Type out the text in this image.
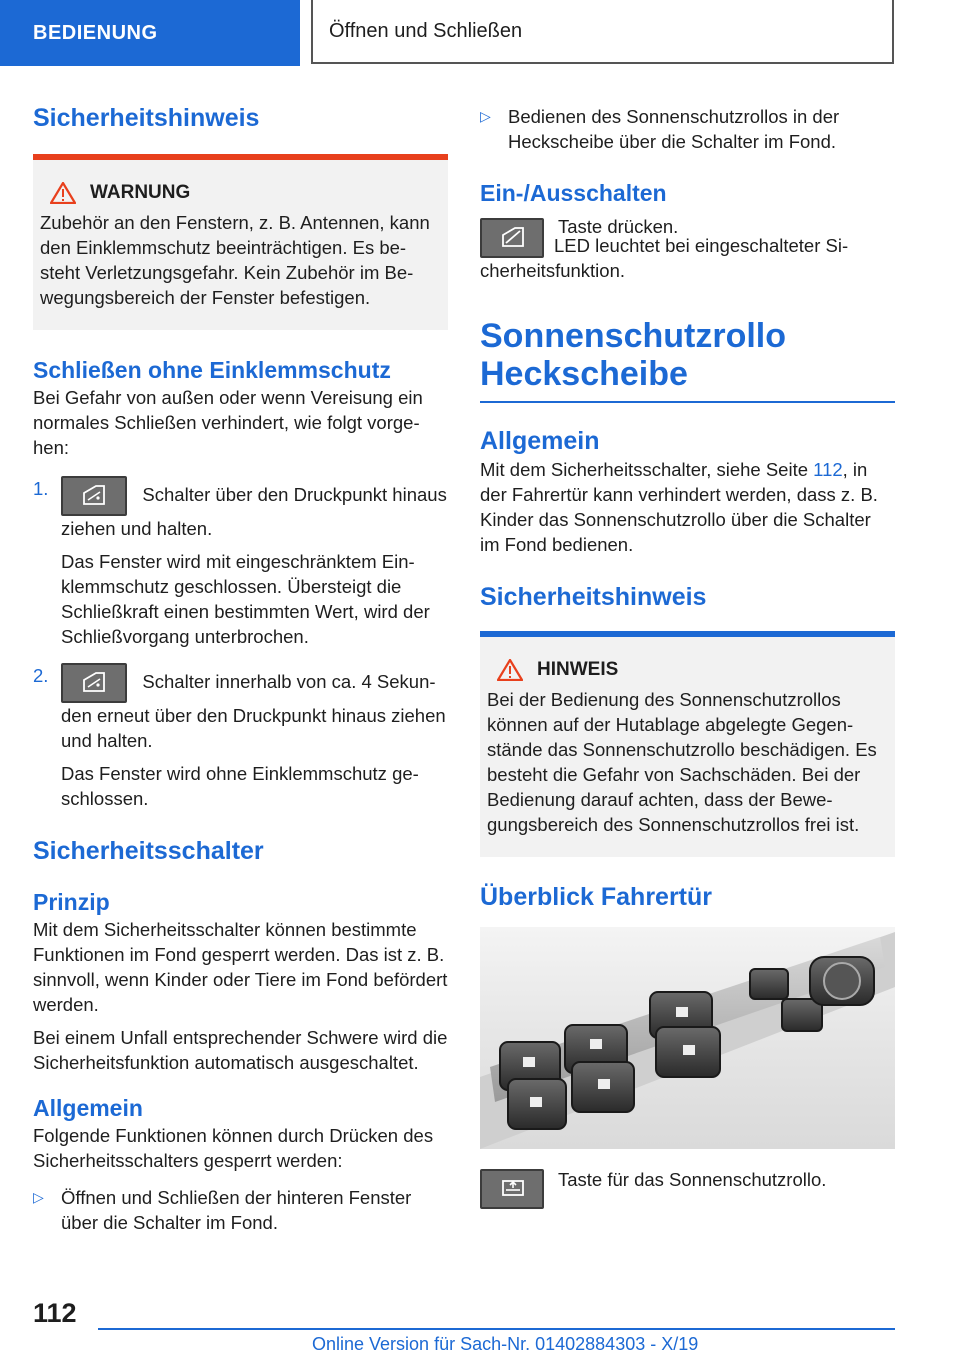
BEDIENUNG	Öffnen und Schließen
Sicherheitshinweis
WARNUNG

Zubehör an den Fenstern, z. B. Antennen, kann den Einklemmschutz beeinträchtigen. Es besteht Verletzungsgefahr. Kein Zubehör im Bewegungsbereich der Fenster befestigen.

Schließen ohne Einklemmschutz

Bei Gefahr von außen oder wenn Vereisung ein normales Schließen verhindert, wie folgt vorgehen:

1.	Schalter über den Druckpunkt hinaus ziehen und halten.

Das Fenster wird mit eingeschränktem Einklemmschutz geschlossen. Übersteigt die Schließkraft einen bestimmten Wert, wird der Schließvorgang unterbrochen.

2.	Schalter innerhalb von ca. 4 Sekunden erneut über den Druckpunkt hinaus ziehen und halten.

Das Fenster wird ohne Einklemmschutz geschlossen.

Sicherheitsschalter
Prinzip

Mit dem Sicherheitsschalter können bestimmte Funktionen im Fond gesperrt werden. Das ist z. B. sinnvoll, wenn Kinder oder Tiere im Fond befördert werden.

Bei einem Unfall entsprechender Schwere wird die Sicherheitsfunktion automatisch ausgeschaltet.

Allgemein

Folgende Funktionen können durch Drücken des Sicherheitsschalters gesperrt werden:

▷ Öffnen und Schließen der hinteren Fenster über die Schalter im Fond.

▷ Bedienen des Sonnenschutzrollos in der Heckscheibe über die Schalter im Fond.

Ein-/Ausschalten

Taste drücken.

LED leuchtet bei eingeschalteter Sicherheitsfunktion.

Sonnenschutzrollo
Heckscheibe
Allgemein

Mit dem Sicherheitsschalter, siehe Seite 112, in der Fahrertür kann verhindert werden, dass z. B. Kinder das Sonnenschutzrollo über die Schalter im Fond bedienen.

Sicherheitshinweis
HINWEIS

Bei der Bedienung des Sonnenschutzrollos können auf der Hutablage abgelegte Gegenstände das Sonnenschutzrollo beschädigen. Es besteht die Gefahr von Sachschäden. Bei der Bedienung darauf achten, dass der Bewegungsbereich des Sonnenschutzrollos frei ist.

Überblick Fahrertür

Taste für das Sonnenschutzrollo.

112
Online Version für Sach-Nr. 01402884303 - X/19
